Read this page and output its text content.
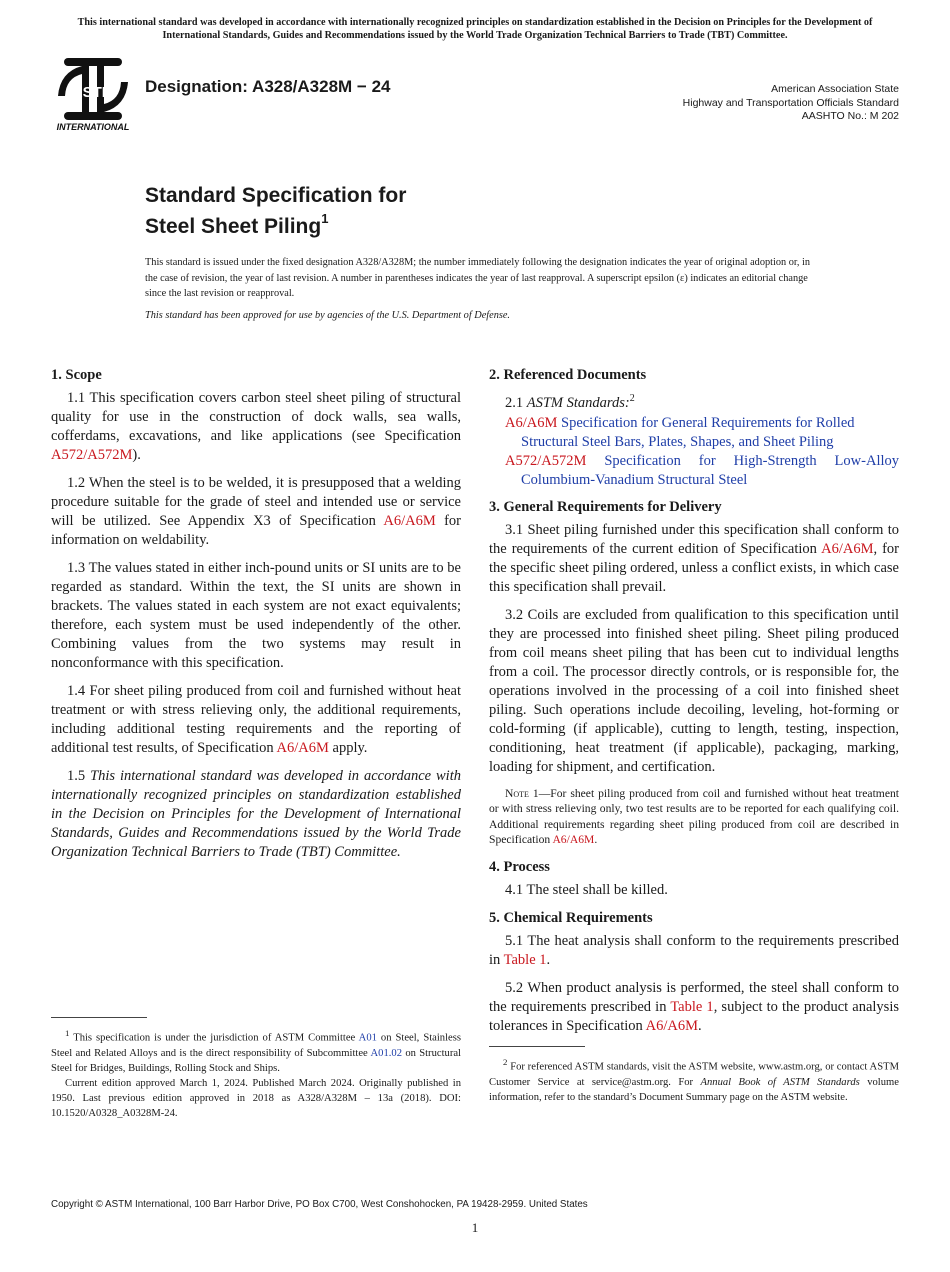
This international standard was developed in accordance with internationally recognized principles on standardization established in the Decision on Principles for the Development of International Standards, Guides and Recommendations issued by the World Trade Organization Technical Barriers to Trade (TBT) Committee.
ASTM
INTERNATIONAL
Designation: A328/A328M − 24	American Association State
Highway and Transportation Officials Standard
AASHTO No.: M 202
Standard Specification for
Steel Sheet Piling$^1$
This standard is issued under the fixed designation A328/A328M; the number immediately following the designation indicates the year of original adoption or, in the case of revision, the year of last revision. A number in parentheses indicates the year of last reapproval. A superscript epsilon (ε) indicates an editorial change since the last revision or reapproval.
This standard has been approved for use by agencies of the U.S. Department of Defense.
1. Scope

1.1 This specification covers carbon steel sheet piling of structural quality for use in the construction of dock walls, sea walls, cofferdams, excavations, and like applications (see Specification A572/A572M).

1.2 When the steel is to be welded, it is presupposed that a welding procedure suitable for the grade of steel and intended use or service will be utilized. See Appendix X3 of Specification A6/A6M for information on weldability.

1.3 The values stated in either inch-pound units or SI units are to be regarded as standard. Within the text, the SI units are shown in brackets. The values stated in each system are not exact equivalents; therefore, each system must be used independently of the other. Combining values from the two systems may result in nonconformance with this specification.

1.4 For sheet piling produced from coil and furnished without heat treatment or with stress relieving only, the additional requirements, including additional testing requirements and the reporting of additional test results, of Specification A6/A6M apply.

1.5 This international standard was developed in accordance with internationally recognized principles on standardization established in the Decision on Principles for the Development of International Standards, Guides and Recommendations issued by the World Trade Organization Technical Barriers to Trade (TBT) Committee.

2. Referenced Documents

2.1 ASTM Standards:$^2$

A6/A6M Specification for General Requirements for Rolled Structural Steel Bars, Plates, Shapes, and Sheet Piling

A572/A572M Specification for High-Strength Low-Alloy Columbium-Vanadium Structural Steel

3. General Requirements for Delivery

3.1 Sheet piling furnished under this specification shall conform to the requirements of the current edition of Specification A6/A6M, for the specific sheet piling ordered, unless a conflict exists, in which case this specification shall prevail.

3.2 Coils are excluded from qualification to this specification until they are processed into finished sheet piling. Sheet piling produced from coil means sheet piling that has been cut to individual lengths from a coil. The processor directly controls, or is responsible for, the operations involved in the processing of a coil into finished sheet piling. Such operations include decoiling, leveling, hot-forming or cold-forming (if applicable), cutting to length, testing, inspection, conditioning, heat treatment (if applicable), packaging, marking, loading for shipment, and certification.

Note 1—For sheet piling produced from coil and furnished without heat treatment or with stress relieving only, two test results are to be reported for each qualifying coil. Additional requirements regarding sheet piling produced from coil are described in Specification A6/A6M.

4. Process

4.1 The steel shall be killed.

5. Chemical Requirements

5.1 The heat analysis shall conform to the requirements prescribed in Table 1.

5.2 When product analysis is performed, the steel shall conform to the requirements prescribed in Table 1, subject to the product analysis tolerances in Specification A6/A6M.

$^1$ This specification is under the jurisdiction of ASTM Committee A01 on Steel, Stainless Steel and Related Alloys and is the direct responsibility of Subcommittee A01.02 on Structural Steel for Bridges, Buildings, Rolling Stock and Ships.

Current edition approved March 1, 2024. Published March 2024. Originally published in 1950. Last previous edition approved in 2018 as A328/A328M – 13a (2018). DOI: 10.1520/A0328_A0328M-24.

$^2$ For referenced ASTM standards, visit the ASTM website, www.astm.org, or contact ASTM Customer Service at service@astm.org. For Annual Book of ASTM Standards volume information, refer to the standard’s Document Summary page on the ASTM website.

Copyright © ASTM International, 100 Barr Harbor Drive, PO Box C700, West Conshohocken, PA 19428-2959. United States
1
